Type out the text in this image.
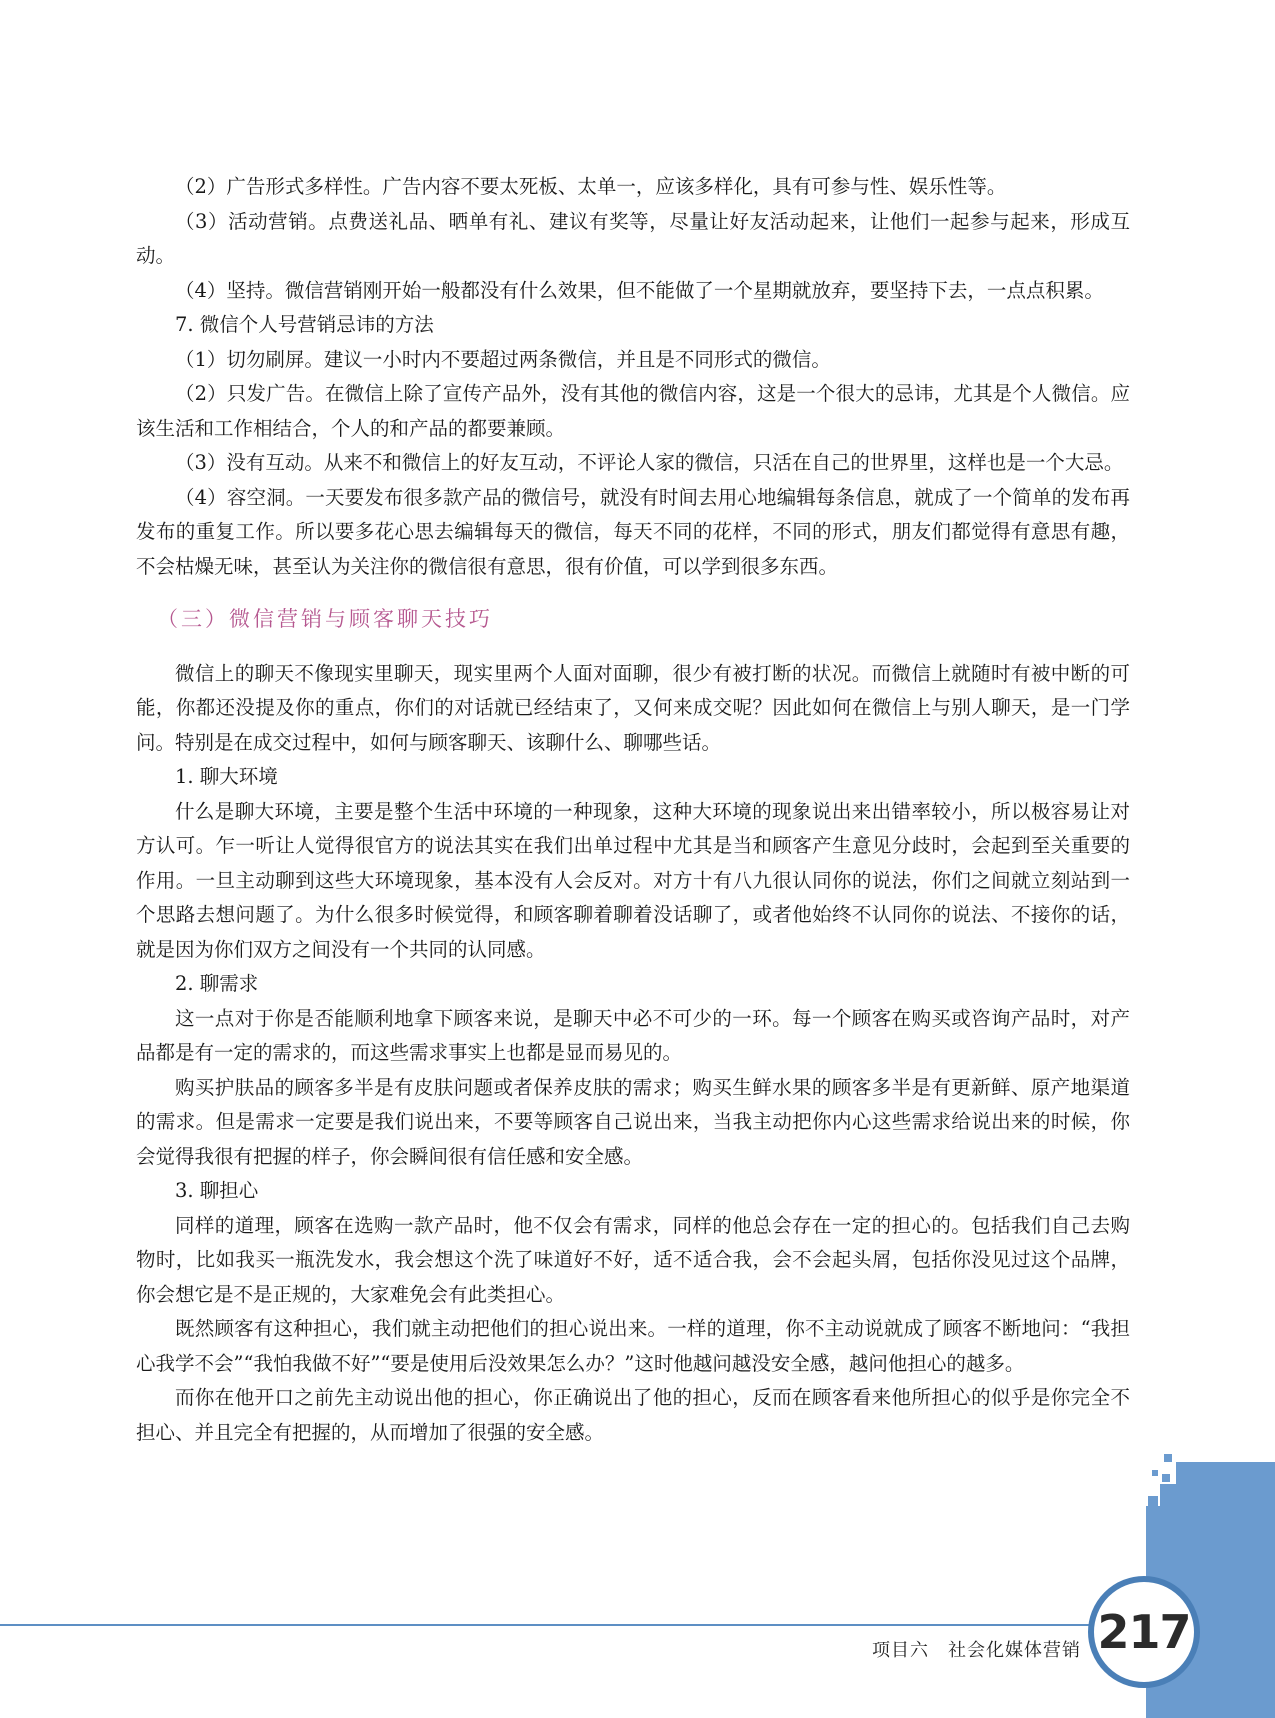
（2）广告形式多样性。广告内容不要太死板、太单一，应该多样化，具有可参与性、娱乐性等。

（3）活动营销。点费送礼品、晒单有礼、建议有奖等，尽量让好友活动起来，让他们一起参与起来，形成互动。

（4）坚持。微信营销刚开始一般都没有什么效果，但不能做了一个星期就放弃，要坚持下去，一点点积累。

7. 微信个人号营销忌讳的方法

（1）切勿刷屏。建议一小时内不要超过两条微信，并且是不同形式的微信。

（2）只发广告。在微信上除了宣传产品外，没有其他的微信内容，这是一个很大的忌讳，尤其是个人微信。应该生活和工作相结合，个人的和产品的都要兼顾。

（3）没有互动。从来不和微信上的好友互动，不评论人家的微信，只活在自己的世界里，这样也是一个大忌。

（4）容空洞。一天要发布很多款产品的微信号，就没有时间去用心地编辑每条信息，就成了一个简单的发布再发布的重复工作。所以要多花心思去编辑每天的微信，每天不同的花样，不同的形式，朋友们都觉得有意思有趣，不会枯燥无味，甚至认为关注你的微信很有意思，很有价值，可以学到很多东西。

（三）微信营销与顾客聊天技巧

微信上的聊天不像现实里聊天，现实里两个人面对面聊，很少有被打断的状况。而微信上就随时有被中断的可能，你都还没提及你的重点，你们的对话就已经结束了，又何来成交呢？因此如何在微信上与别人聊天，是一门学问。特别是在成交过程中，如何与顾客聊天、该聊什么、聊哪些话。

1. 聊大环境

什么是聊大环境，主要是整个生活中环境的一种现象，这种大环境的现象说出来出错率较小，所以极容易让对方认可。乍一听让人觉得很官方的说法其实在我们出单过程中尤其是当和顾客产生意见分歧时，会起到至关重要的作用。一旦主动聊到这些大环境现象，基本没有人会反对。对方十有八九很认同你的说法，你们之间就立刻站到一个思路去想问题了。为什么很多时候觉得，和顾客聊着聊着没话聊了，或者他始终不认同你的说法、不接你的话，就是因为你们双方之间没有一个共同的认同感。

2. 聊需求

这一点对于你是否能顺利地拿下顾客来说，是聊天中必不可少的一环。每一个顾客在购买或咨询产品时，对产品都是有一定的需求的，而这些需求事实上也都是显而易见的。

购买护肤品的顾客多半是有皮肤问题或者保养皮肤的需求；购买生鲜水果的顾客多半是有更新鲜、原产地渠道的需求。但是需求一定要是我们说出来，不要等顾客自己说出来，当我主动把你内心这些需求给说出来的时候，你会觉得我很有把握的样子，你会瞬间很有信任感和安全感。

3. 聊担心

同样的道理，顾客在选购一款产品时，他不仅会有需求，同样的他总会存在一定的担心的。包括我们自己去购物时，比如我买一瓶洗发水，我会想这个洗了味道好不好，适不适合我，会不会起头屑，包括你没见过这个品牌，你会想它是不是正规的，大家难免会有此类担心。

既然顾客有这种担心，我们就主动把他们的担心说出来。一样的道理，你不主动说就成了顾客不断地问：“我担心我学不会”“我怕我做不好”“要是使用后没效果怎么办？”这时他越问越没安全感，越问他担心的越多。

而你在他开口之前先主动说出他的担心，你正确说出了他的担心，反而在顾客看来他所担心的似乎是你完全不担心、并且完全有把握的，从而增加了很强的安全感。

项目六　社会化媒体营销 217
